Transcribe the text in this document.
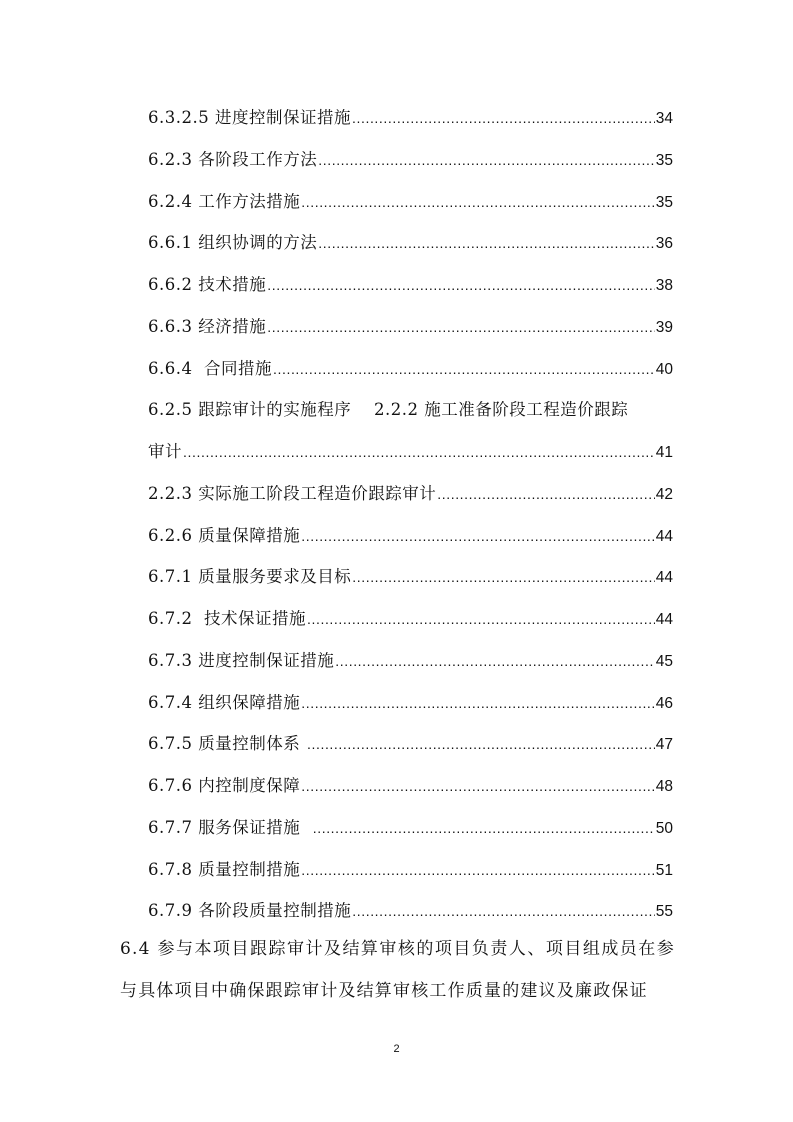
6.3.2.5 进度控制保证措施 .....	34
6.2.3 各阶段工作方法 .....	35
6.2.4 工作方法措施 .....	35
6.6.1 组织协调的方法 .....	36
6.6.2 技术措施 .....	38
6.6.3 经济措施 .....	39
6.6.4  合同措施 .....	40
6.2.5 跟踪审计的实施程序　 2.2.2 施工准备阶段工程造价跟踪
审计 .....	41
2.2.3 实际施工阶段工程造价跟踪审计 .....	42
6.2.6 质量保障措施 .....	44
6.7.1 质量服务要求及目标 .....	44
6.7.2  技术保证措施 .....	44
6.7.3 进度控制保证措施 .....	45
6.7.4 组织保障措施 .....	46
6.7.5 质量控制体系 .....	47
6.7.6 内控制度保障 .....	48
6.7.7 服务保证措施 .....	50
6.7.8 质量控制措施 .....	51
6.7.9 各阶段质量控制措施 .....	55
6.4 参与本项目跟踪审计及结算审核的项目负责人、项目组成员在参与具体项目中确保跟踪审计及结算审核工作质量的建议及廉政保证
2
